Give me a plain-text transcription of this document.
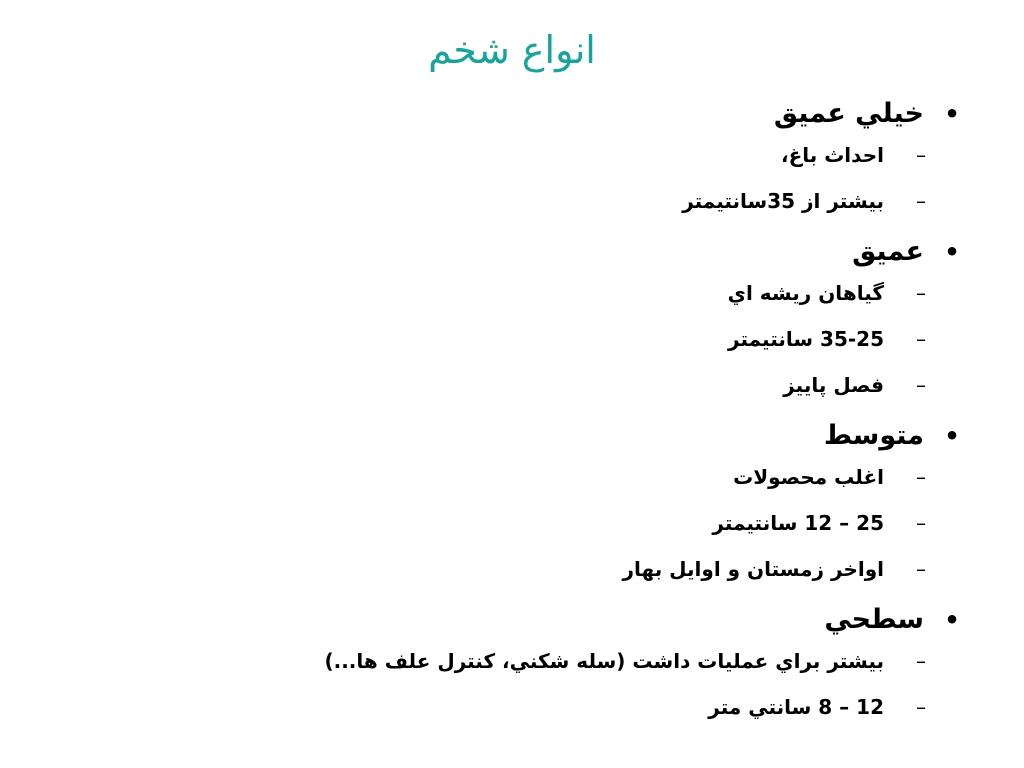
انواع شخم
•
خيلي عميق
–
احداث باغ،
–
بيشتر از 35سانتيمتر
•
عميق
–
گياهان ريشه اي
–
35-25 سانتيمتر
–
فصل پاييز
•
متوسط
–
اغلب محصولات
–
25 – 12 سانتيمتر
–
اواخر زمستان و اوايل بهار
•
سطحي
–
بيشتر براي عمليات داشت (سله شكني، كنترل علف ها...)
–
12 – 8 سانتي متر
